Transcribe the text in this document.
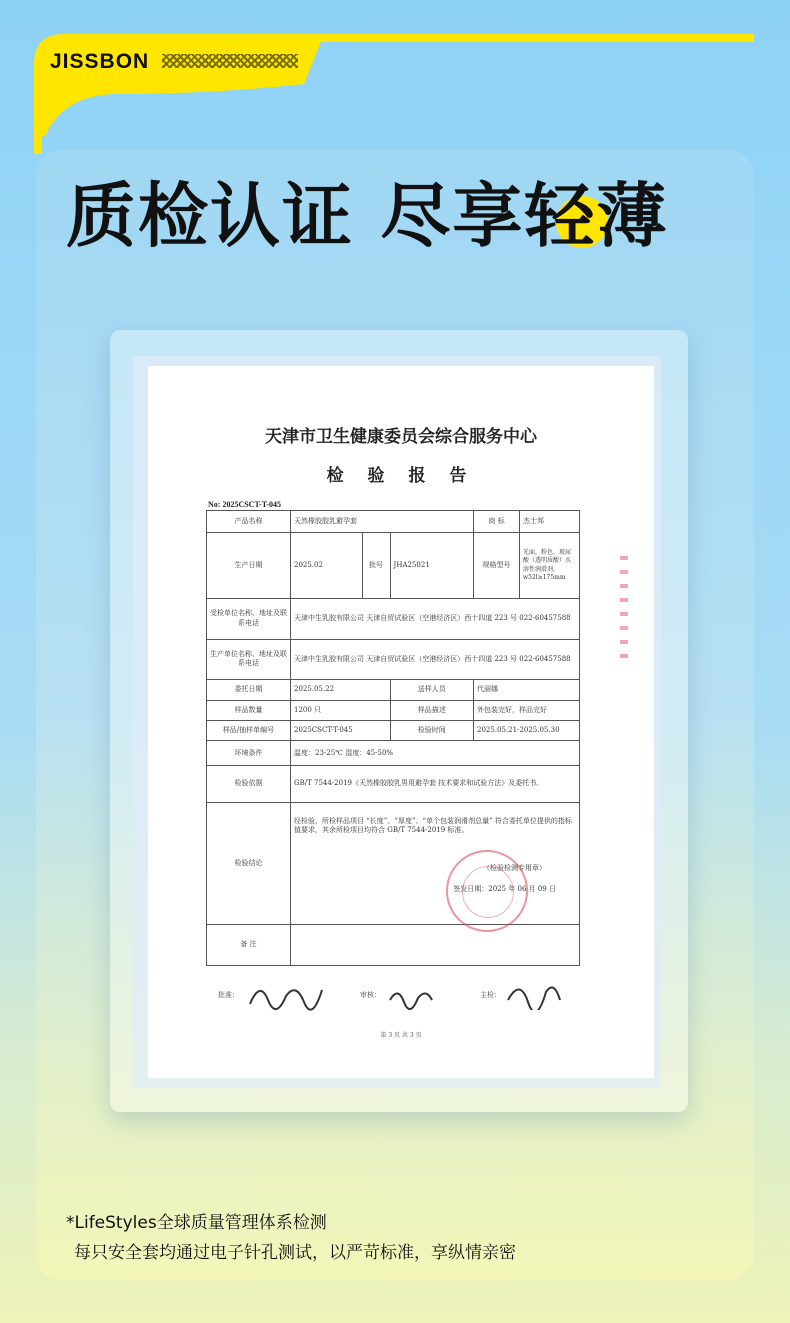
JISSBON
质检认证 尽享轻薄
天津市卫生健康委员会综合服务中心
检 验 报 告
No: 2025CSCT-T-045
产品名称	天然橡胶胶乳避孕套			商 标	杰士邦
生产日期	2025.02	批号	JHA25021	规格型号	光面，粉色，玻尿酸（透明质酸）水溶性润滑剂，w52l≥175mm
受检单位名称、地址及联系电话	天津中生乳胶有限公司 天津自贸试验区（空港经济区）西十四道 223 号 022-60457588				
生产单位名称、地址及联系电话	天津中生乳胶有限公司 天津自贸试验区（空港经济区）西十四道 223 号 022-60457588				
委托日期	2025.05.22		送样人员	代丽娜	
样品数量	1200 只		样品描述	外包装完好，样品完好	
样品/抽样单编号	2025CSCT-T-045		检验时间	2025.05.21-2025.05.30	
环境条件	温度：23-25℃ 湿度：45-50%				
检验依据	GB/T 7544-2019《天然橡胶胶乳男用避孕套 技术要求和试验方法》及委托书。				
检验结论	经检验，所检样品项目 “长度”、“厚度”、“单个包装润滑剂总量” 符合委托单位提供的指标值要求，其余所检项目均符合 GB/T 7544-2019 标准。
（检验检测专用章）
签发日期：2025 年 06 月 09 日				

备 注					
批准：	审核：	主检：
第 3 页 共 3 页
*LifeStyles全球质量管理体系检测
每只安全套均通过电子针孔测试，以严苛标准，享纵情亲密
